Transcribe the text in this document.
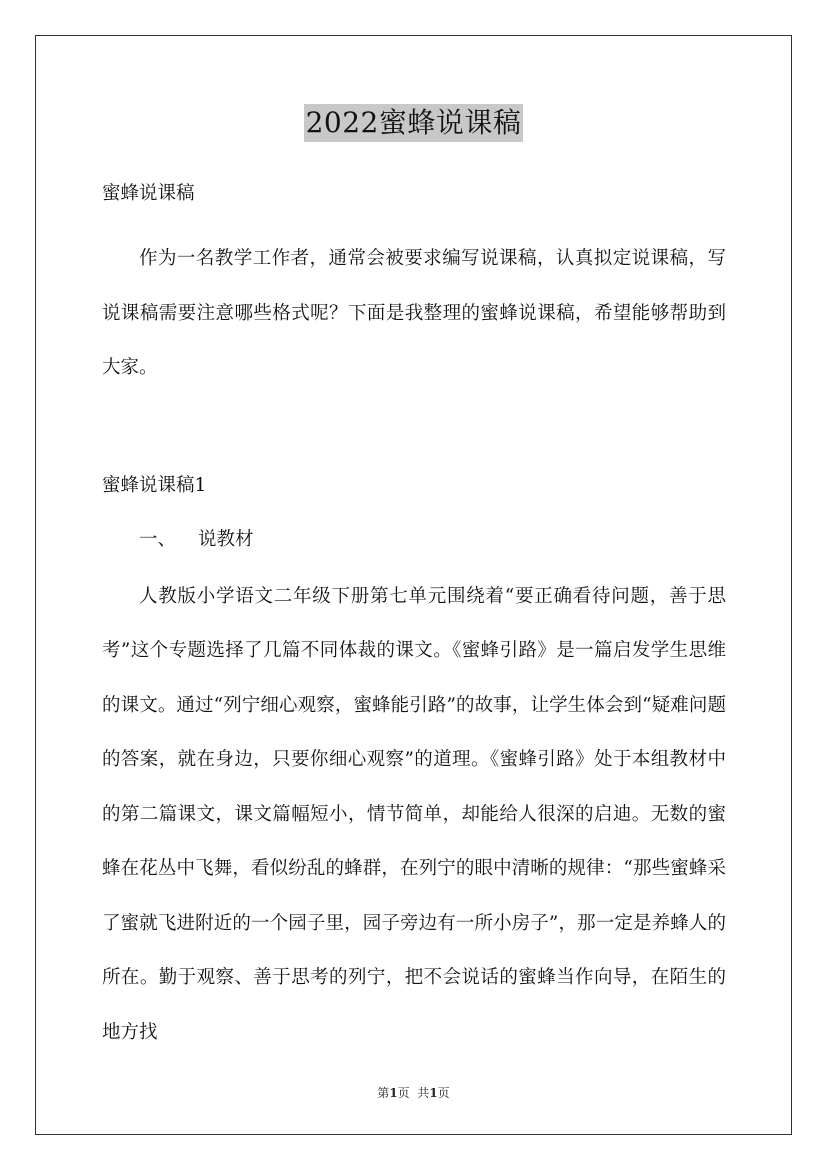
2022蜜蜂说课稿

蜜蜂说课稿

作为一名教学工作者，通常会被要求编写说课稿，认真拟定说课稿，写说课稿需要注意哪些格式呢？下面是我整理的蜜蜂说课稿，希望能够帮助到大家。

蜜蜂说课稿1

一、 说教材

人教版小学语文二年级下册第七单元围绕着“要正确看待问题，善于思考”这个专题选择了几篇不同体裁的课文。《蜜蜂引路》是一篇启发学生思维的课文。通过“列宁细心观察，蜜蜂能引路”的故事，让学生体会到“疑难问题的答案，就在身边，只要你细心观察”的道理。《蜜蜂引路》处于本组教材中的第二篇课文，课文篇幅短小，情节简单，却能给人很深的启迪。无数的蜜蜂在花丛中飞舞，看似纷乱的蜂群，在列宁的眼中清晰的规律：“那些蜜蜂采了蜜就飞进附近的一个园子里，园子旁边有一所小房子”，那一定是养蜂人的所在。勤于观察、善于思考的列宁，把不会说话的蜜蜂当作向导，在陌生的地方找

第1页  共1页
